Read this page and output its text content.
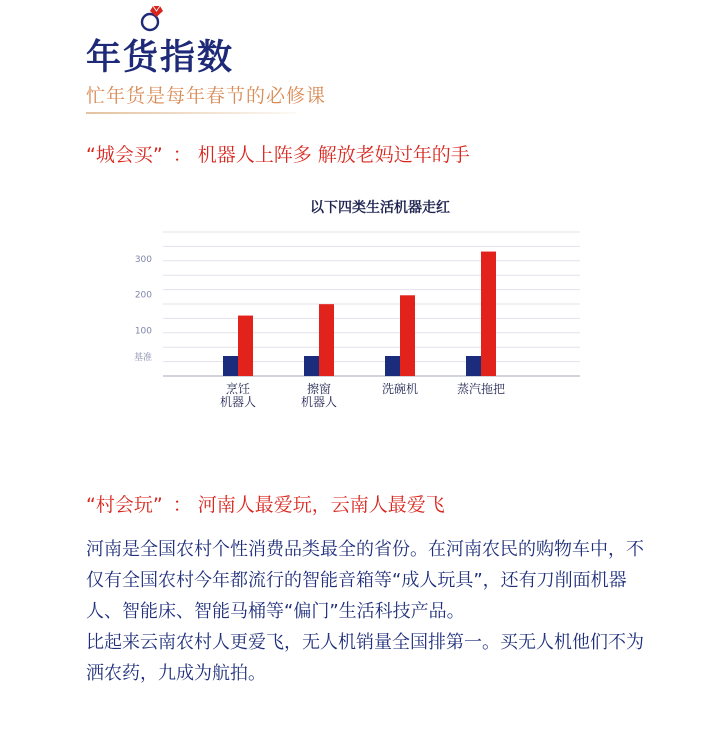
年货指数
忙年货是每年春节的必修课
“城会买” ： 机器人上阵多 解放老妈过年的手
以下四类生活机器走红
基准
100
200
300
烹饪
机器人
擦窗
机器人
洗碗机	蒸汽拖把
“村会玩” ： 河南人最爱玩，云南人最爱飞

河南是全国农村个性消费品类最全的省份。在河南农民的购物车中，不仅有全国农村今年都流行的智能音箱等“成人玩具”，还有刀削面机器人、智能床、智能马桶等“偏门”生活科技产品。

比起来云南农村人更爱飞，无人机销量全国排第一。买无人机他们不为洒农药，九成为航拍。
